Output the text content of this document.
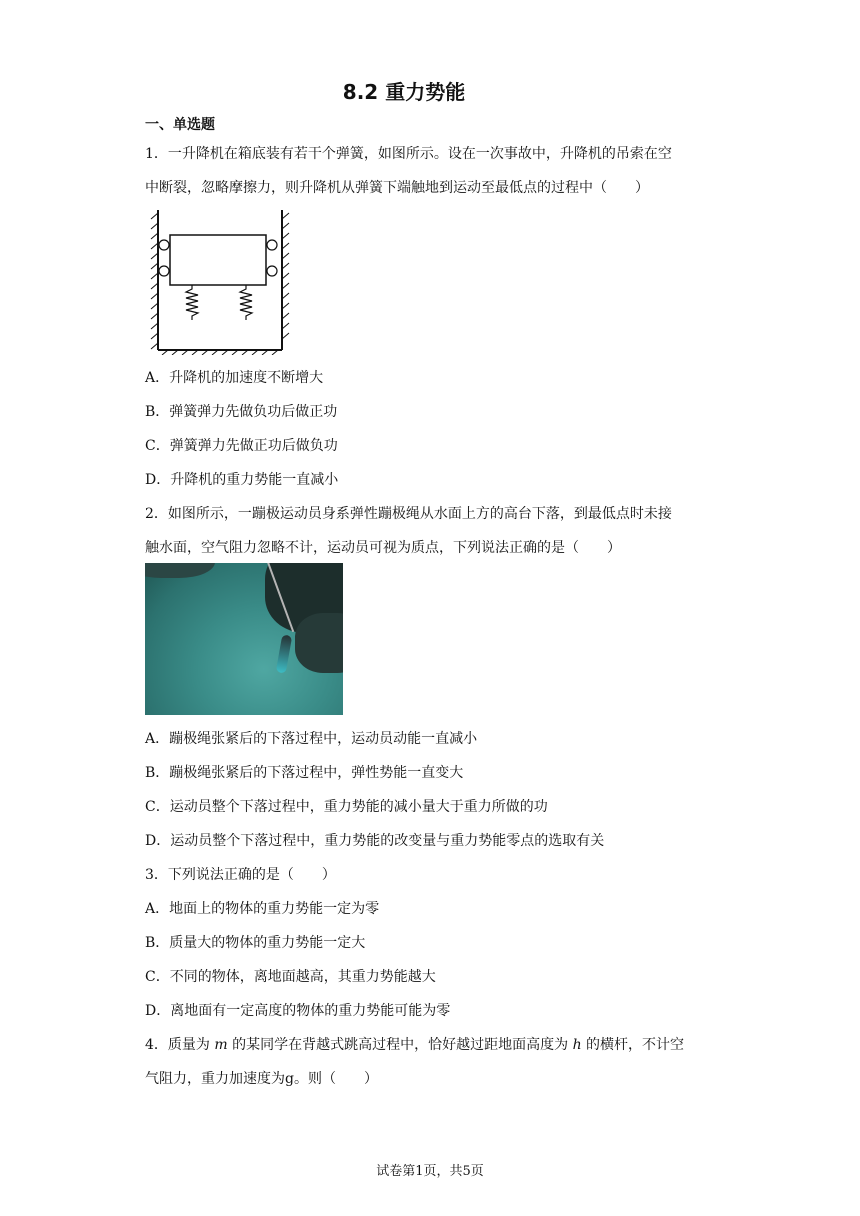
8.2 重力势能
一、单选题
1．一升降机在箱底装有若干个弹簧，如图所示。设在一次事故中，升降机的吊索在空
中断裂，忽略摩擦力，则升降机从弹簧下端触地到运动至最低点的过程中（　　）
A．升降机的加速度不断增大
B．弹簧弹力先做负功后做正功
C．弹簧弹力先做正功后做负功
D．升降机的重力势能一直减小
2．如图所示，一蹦极运动员身系弹性蹦极绳从水面上方的高台下落，到最低点时未接
触水面，空气阻力忽略不计，运动员可视为质点，下列说法正确的是（　　）
A．蹦极绳张紧后的下落过程中，运动员动能一直减小
B．蹦极绳张紧后的下落过程中，弹性势能一直变大
C．运动员整个下落过程中，重力势能的减小量大于重力所做的功
D．运动员整个下落过程中，重力势能的改变量与重力势能零点的选取有关
3．下列说法正确的是（　　）
A．地面上的物体的重力势能一定为零
B．质量大的物体的重力势能一定大
C．不同的物体，离地面越高，其重力势能越大
D．离地面有一定高度的物体的重力势能可能为零
4．质量为 m 的某同学在背越式跳高过程中，恰好越过距地面高度为 h 的横杆，不计空
气阻力，重力加速度为g。则（　　）
试卷第1页，共5页
